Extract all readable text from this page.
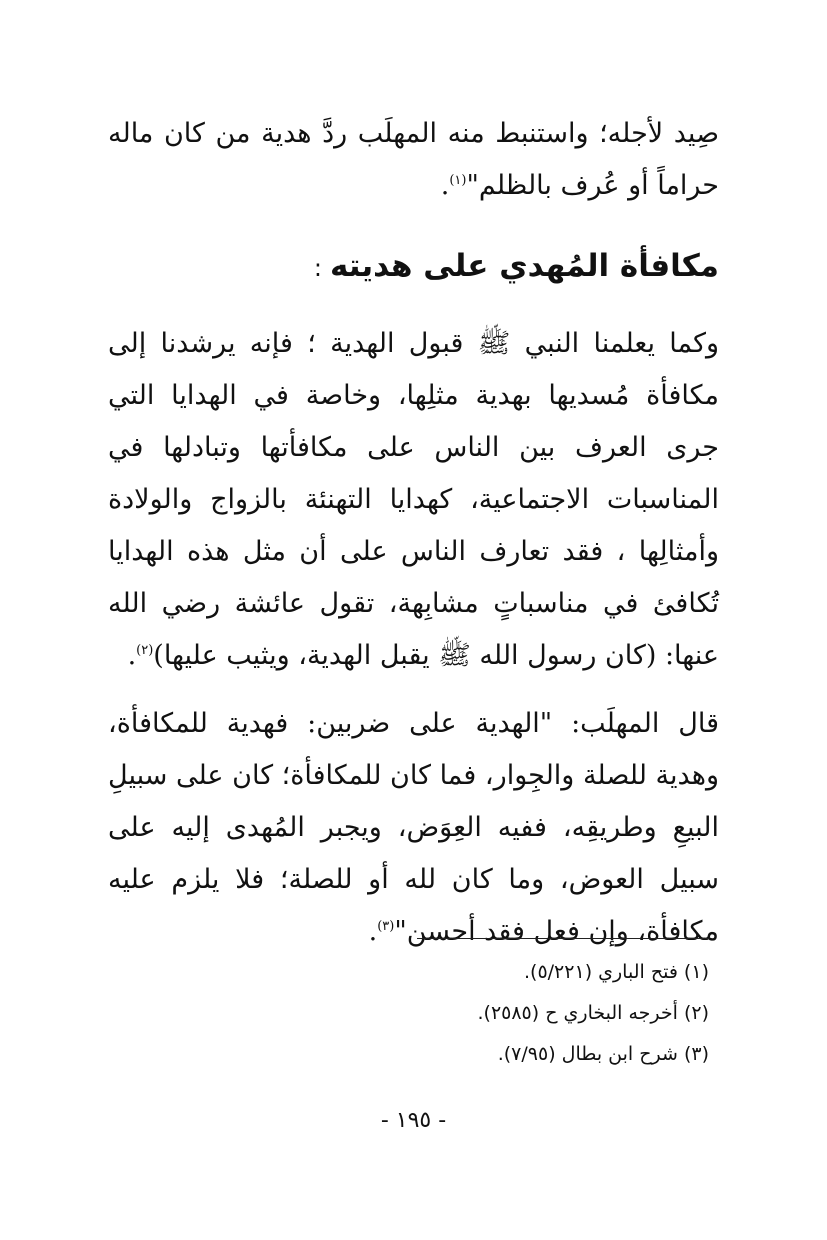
صِيد لأجله؛ واستنبط منه المهلَب ردَّ هدية من كان ماله حراماً أو عُرف بالظلم"$^{(١)}$.

مكافأة المُهدي على هديته:

وكما يعلمنا النبي ﷺ قبول الهدية ؛ فإنه يرشدنا إلى مكافأة مُسديها بهدية مثلِها، وخاصة في الهدايا التي جرى العرف بين الناس على مكافأتها وتبادلها في المناسبات الاجتماعية، كهدايا التهنئة بالزواج والولادة وأمثالِها ، فقد تعارف الناس على أن مثل هذه الهدايا تُكافئ في مناسباتٍ مشابِهة، تقول عائشة رضي الله عنها: (كان رسول الله ﷺ يقبل الهدية، ويثيب عليها)$^{(٢)}$.

قال المهلَب: "الهدية على ضربين: فهدية للمكافأة، وهدية للصلة والجِوار، فما كان للمكافأة؛ كان على سبيلِ البيعِ وطريقِه، ففيه العِوَض، ويجبر المُهدى إليه على سبيل العوض، وما كان لله أو للصلة؛ فلا يلزم عليه مكافأة، وإن فعل فقد أحسن"$^{(٣)}$.

(١) فتح الباري (٥/٢٢١).

(٢) أخرجه البخاري ح (٢٥٨٥).

(٣) شرح ابن بطال (٧/٩٥).

- ١٩٥ -
